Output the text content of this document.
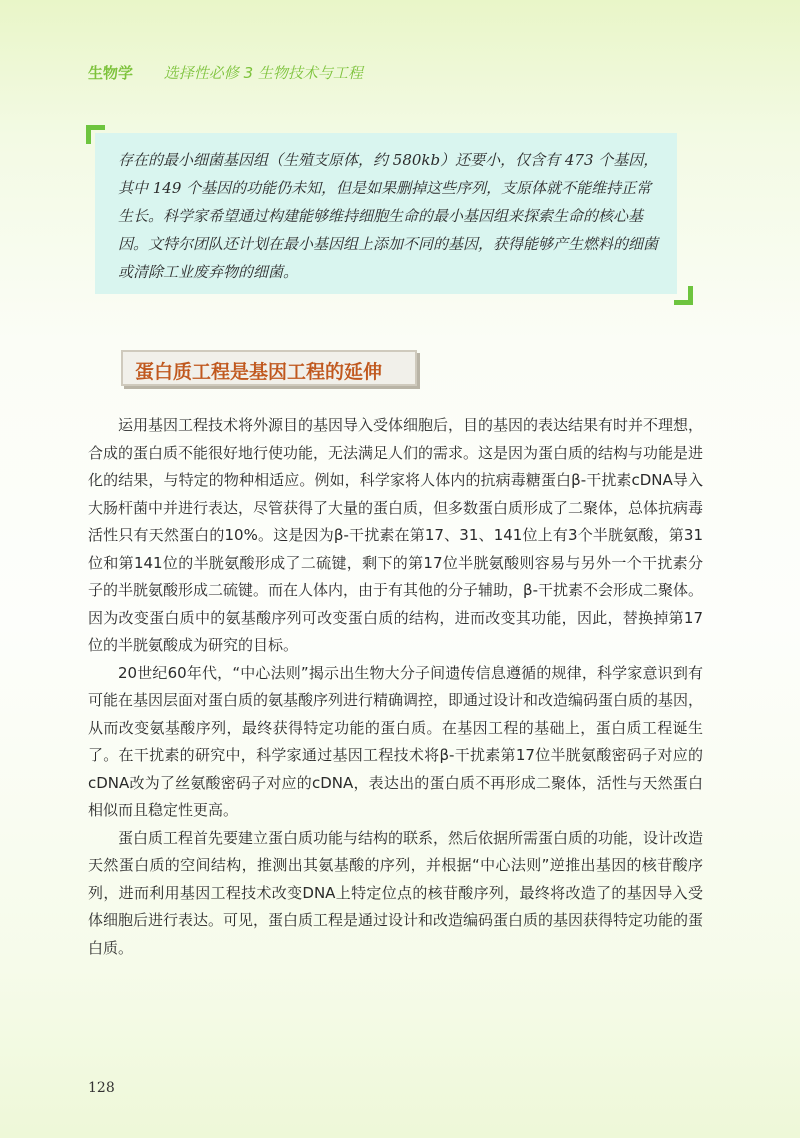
生物学 选择性必修 3 生物技术与工程
存在的最小细菌基因组（生殖支原体，约 580kb）还要小，仅含有 473 个基因，其中 149 个基因的功能仍未知，但是如果删掉这些序列，支原体就不能维持正常生长。科学家希望通过构建能够维持细胞生命的最小基因组来探索生命的核心基因。文特尔团队还计划在最小基因组上添加不同的基因，获得能够产生燃料的细菌或清除工业废弃物的细菌。
蛋白质工程是基因工程的延伸

运用基因工程技术将外源目的基因导入受体细胞后，目的基因的表达结果有时并不理想，合成的蛋白质不能很好地行使功能，无法满足人们的需求。这是因为蛋白质的结构与功能是进化的结果，与特定的物种相适应。例如，科学家将人体内的抗病毒糖蛋白β-干扰素cDNA导入大肠杆菌中并进行表达，尽管获得了大量的蛋白质，但多数蛋白质形成了二聚体，总体抗病毒活性只有天然蛋白的10%。这是因为β-干扰素在第17、31、141位上有3个半胱氨酸，第31位和第141位的半胱氨酸形成了二硫键，剩下的第17位半胱氨酸则容易与另外一个干扰素分子的半胱氨酸形成二硫键。而在人体内，由于有其他的分子辅助，β-干扰素不会形成二聚体。因为改变蛋白质中的氨基酸序列可改变蛋白质的结构，进而改变其功能，因此，替换掉第17位的半胱氨酸成为研究的目标。

20世纪60年代，“中心法则”揭示出生物大分子间遗传信息遵循的规律，科学家意识到有可能在基因层面对蛋白质的氨基酸序列进行精确调控，即通过设计和改造编码蛋白质的基因，从而改变氨基酸序列，最终获得特定功能的蛋白质。在基因工程的基础上，蛋白质工程诞生了。在干扰素的研究中，科学家通过基因工程技术将β-干扰素第17位半胱氨酸密码子对应的cDNA改为了丝氨酸密码子对应的cDNA，表达出的蛋白质不再形成二聚体，活性与天然蛋白相似而且稳定性更高。

蛋白质工程首先要建立蛋白质功能与结构的联系，然后依据所需蛋白质的功能，设计改造天然蛋白质的空间结构，推测出其氨基酸的序列，并根据“中心法则”逆推出基因的核苷酸序列，进而利用基因工程技术改变DNA上特定位点的核苷酸序列，最终将改造了的基因导入受体细胞后进行表达。可见，蛋白质工程是通过设计和改造编码蛋白质的基因获得特定功能的蛋白质。

128
